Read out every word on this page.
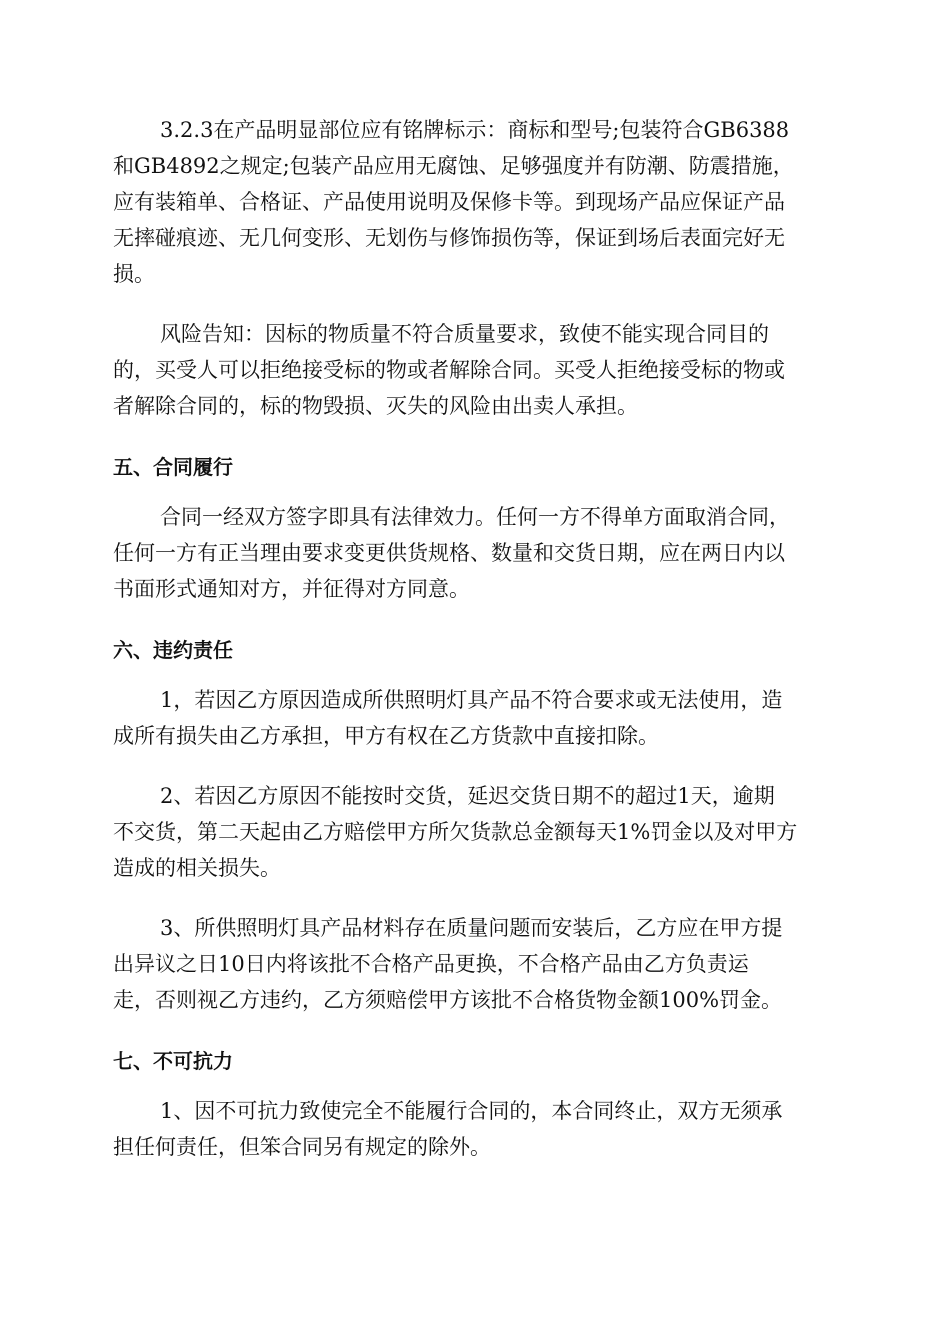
3.2.3在产品明显部位应有铭牌标示：商标和型号;包装符合GB6388
和GB4892之规定;包装产品应用无腐蚀、足够强度并有防潮、防震措施，
应有装箱单、合格证、产品使用说明及保修卡等。到现场产品应保证产品
无摔碰痕迹、无几何变形、无划伤与修饰损伤等，保证到场后表面完好无
损。
风险告知：因标的物质量不符合质量要求，致使不能实现合同目的
的，买受人可以拒绝接受标的物或者解除合同。买受人拒绝接受标的物或
者解除合同的，标的物毁损、灭失的风险由出卖人承担。
五、合同履行
合同一经双方签字即具有法律效力。任何一方不得单方面取消合同，
任何一方有正当理由要求变更供货规格、数量和交货日期，应在两日内以
书面形式通知对方，并征得对方同意。
六、违约责任
1，若因乙方原因造成所供照明灯具产品不符合要求或无法使用，造
成所有损失由乙方承担，甲方有权在乙方货款中直接扣除。
2、若因乙方原因不能按时交货，延迟交货日期不的超过1天，逾期
不交货，第二天起由乙方赔偿甲方所欠货款总金额每天1%罚金以及对甲方
造成的相关损失。
3、所供照明灯具产品材料存在质量问题而安装后，乙方应在甲方提
出异议之日10日内将该批不合格产品更换，不合格产品由乙方负责运
走，否则视乙方违约，乙方须赔偿甲方该批不合格货物金额100%罚金。
七、不可抗力
1、因不可抗力致使完全不能履行合同的，本合同终止，双方无须承
担任何责任，但笨合同另有规定的除外。
